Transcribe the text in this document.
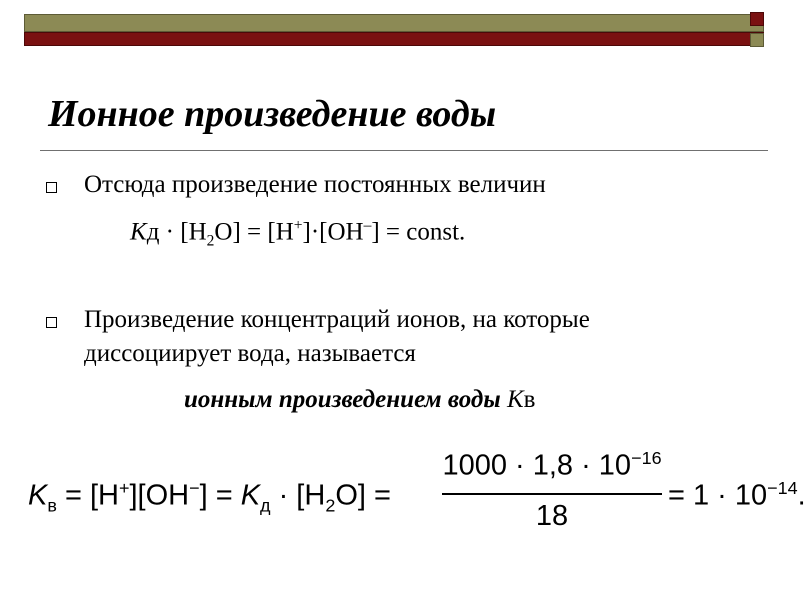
Ионное произведение воды
Отсюда произведение постоянных величин
Kд · $[H_2O] = [H^+]\cdot[OH^-]$ = const.
Произведение концентраций ионов, на которые
диссоциирует вода, называется
ионным произведением воды Kв
$K_в = [H^+][OH^-] = K_д \cdot [H_2O]$ =
$1000 \cdot 1,8 \cdot 10^{-16}$
18
= $1 \cdot 10^{-14}$.
